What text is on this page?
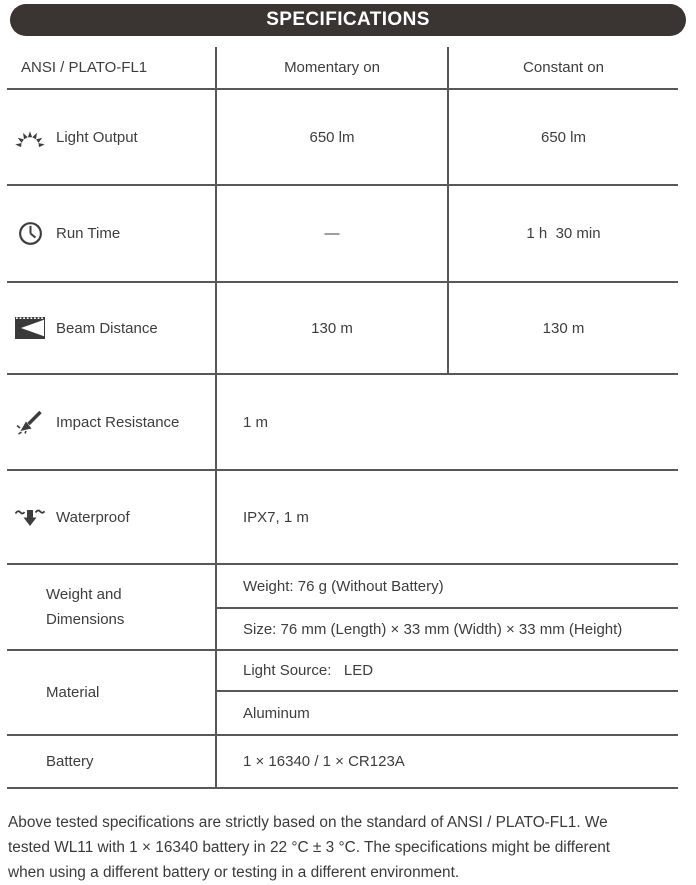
SPECIFICATIONS
ANSI / PLATO-FL1	Momentary on	Constant on

Light Output	650 lm	650 lm

Run Time	—	1 h  30 min

Beam Distance	130 m	130 m

Impact Resistance	1 m	

Waterproof	IPX7, 1 m	

Weight and Dimensions	Weight: 76 g (Without Battery)	
	Size: 76 mm (Length) × 33 mm (Width) × 33 mm (Height)	

Material	Light Source:   LED	
	Aluminum	

Battery	1 × 16340 / 1 × CR123A	
Above tested specifications are strictly based on the standard of ANSI / PLATO-FL1. We
tested WL11 with 1 × 16340 battery in 22 °C ± 3 °C. The specifications might be different
when using a different battery or testing in a different environment.
